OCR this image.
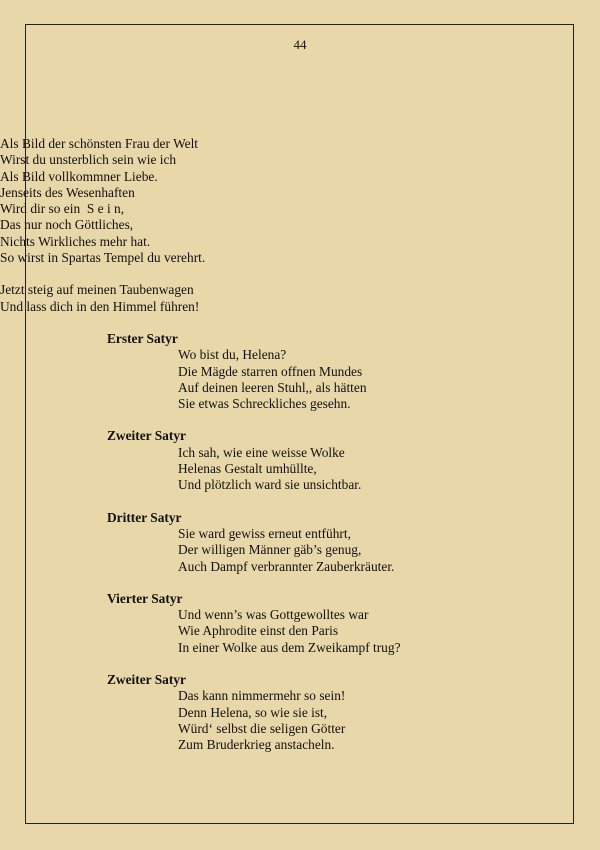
44
Als Bild der schönsten Frau der Welt
Wirst du unsterblich sein wie ich
Als Bild vollkommner Liebe.
Jenseits des Wesenhaften
Wird dir so ein  S e i n,
Das nur noch Göttliches,
Nichts Wirkliches mehr hat.
So wirst in Spartas Tempel du verehrt.
Jetzt steig auf meinen Taubenwagen
Und lass dich in den Himmel führen!
Erster Satyr
Wo bist du, Helena?
Die Mägde starren offnen Mundes
Auf deinen leeren Stuhl,, als hätten
Sie etwas Schreckliches gesehn.
Zweiter Satyr
Ich sah, wie eine weisse Wolke
Helenas Gestalt umhüllte,
Und plötzlich ward sie unsichtbar.
Dritter Satyr
Sie ward gewiss erneut entführt,
Der willigen Männer gäb’s genug,
Auch Dampf verbrannter Zauberkräuter.
Vierter Satyr
Und wenn’s was Gottgewolltes war
Wie Aphrodite einst den Paris
In einer Wolke aus dem Zweikampf trug?
Zweiter Satyr
Das kann nimmermehr so sein!
Denn Helena, so wie sie ist,
Würd‘ selbst die seligen Götter
Zum Bruderkrieg anstacheln.
